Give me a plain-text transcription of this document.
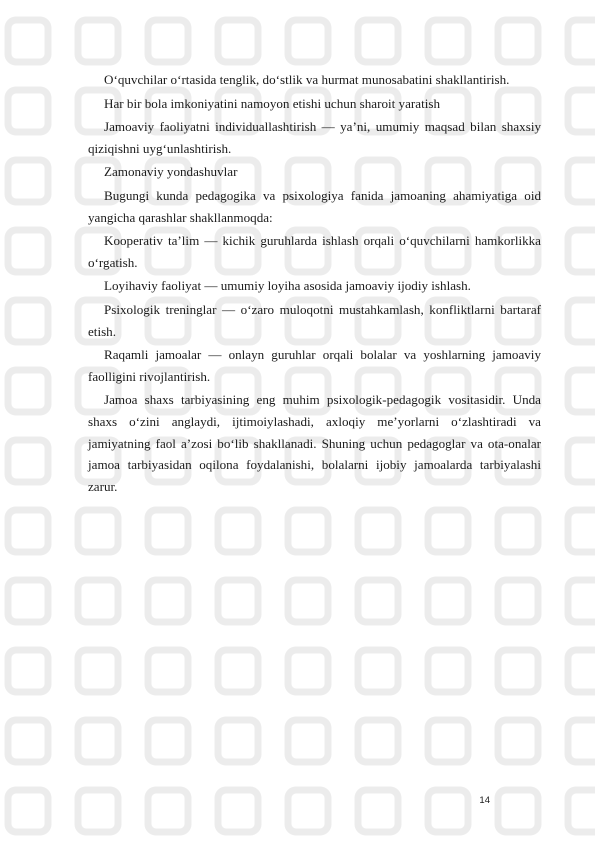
O‘quvchilar o‘rtasida tenglik, do‘stlik va hurmat munosabatini shakllantirish.

Har bir bola imkoniyatini namoyon etishi uchun sharoit yaratish

Jamoaviy faoliyatni individuallashtirish — ya’ni, umumiy maqsad bilan shaxsiy qiziqishni uyg‘unlashtirish.

Zamonaviy yondashuvlar

Bugungi kunda pedagogika va psixologiya fanida jamoaning ahamiyatiga oid yangicha qarashlar shakllanmoqda:

Kooperativ ta’lim — kichik guruhlarda ishlash orqali o‘quvchilarni hamkorlikka o‘rgatish.

Loyihaviy faoliyat — umumiy loyiha asosida jamoaviy ijodiy ishlash.

Psixologik treninglar — o‘zaro muloqotni mustahkamlash, konfliktlarni bartaraf etish.

Raqamli jamoalar — onlayn guruhlar orqali bolalar va yoshlarning jamoaviy faolligini rivojlantirish.

Jamoa shaxs tarbiyasining eng muhim psixologik-pedagogik vositasidir. Unda shaxs o‘zini anglaydi, ijtimoiylashadi, axloqiy me’yorlarni o‘zlashtiradi va jamiyatning faol a’zosi bo‘lib shakllanadi. Shuning uchun pedagoglar va ota-onalar jamoa tarbiyasidan oqilona foydalanishi, bolalarni ijobiy jamoalarda tarbiyalashi zarur.

14
